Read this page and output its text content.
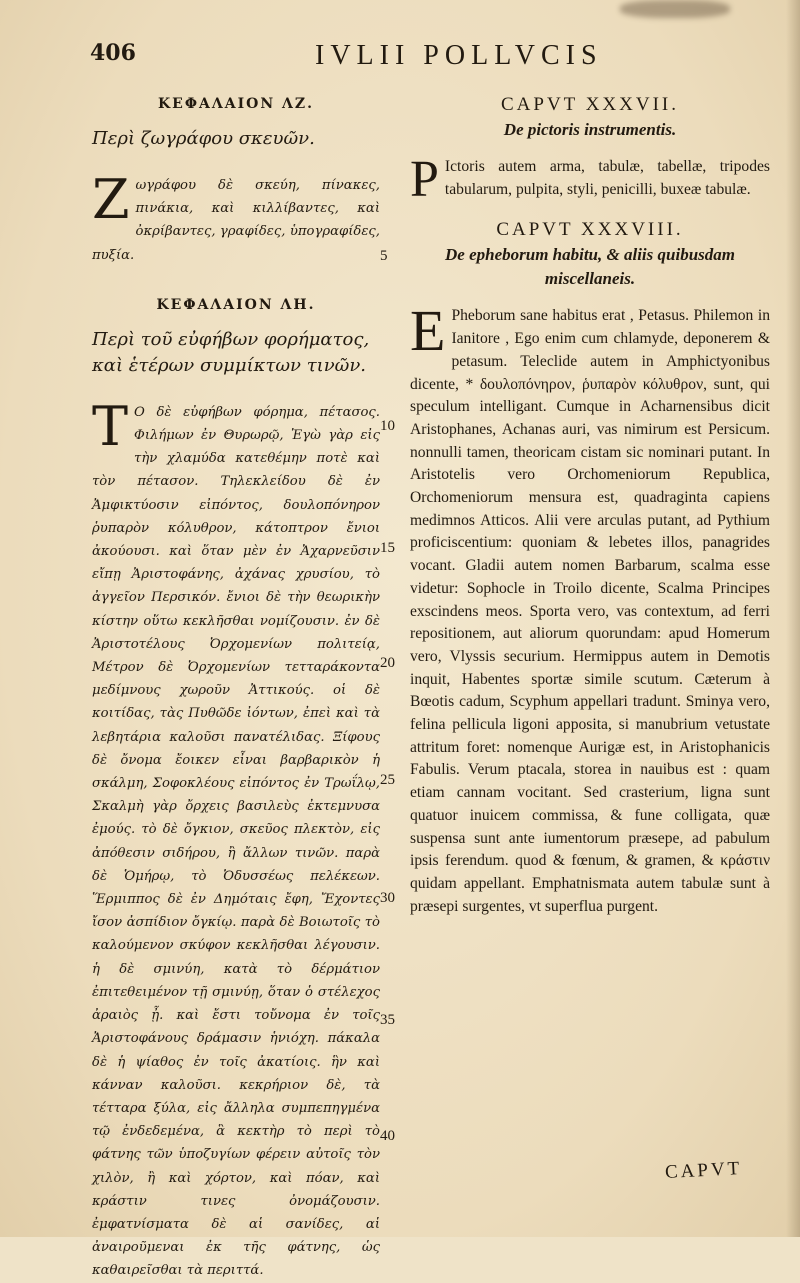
406	IVLII POLLVCIS
ΚΕΦΑΛΑΙΟΝ ΛΖ.
Περὶ ζωγράφου σκευῶν.

Ζωγράφου δὲ σκεύη, πίνακες, πινάκια, καὶ κιλλίβαντες, καὶ ὀκρίβαντες, γραφίδες, ὑπογραφίδες, πυξία.

ΚΕΦΑΛΑΙΟΝ ΛΗ.
Περὶ τοῦ εὐφήβων φορήματος, καὶ ἑτέρων συμμίκτων τινῶν.

Τ Ο δὲ εὐφήβων φόρημα, πέτασος. Φιλήμων ἐν Θυρωρῷ, Ἐγὼ γὰρ εἰς τὴν χλαμύδα κατεθέμην ποτὲ καὶ τὸν πέτασον. Τηλεκλείδου δὲ ἐν Ἀμφικτύοσιν εἰπόντος, δουλοπόνηρον ῥυπαρὸν κόλυθρον, κάτοπτρον ἔνιοι ἀκούουσι. καὶ ὅταν μὲν ἐν Ἀχαρνεῦσιν εἴπῃ Ἀριστοφάνης, ἀχάνας χρυσίου, τὸ ἀγγεῖον Περσικόν. ἔνιοι δὲ τὴν θεωρικὴν κίστην οὕτω κεκλῆσθαι νομίζουσιν. ἐν δὲ Ἀριστοτέλους Ὀρχομενίων πολιτείᾳ, Μέτρον δὲ Ὀρχομενίων τετταράκοντα μεδίμνους χωροῦν Ἀττικούς. οἱ δὲ κοιτίδας, τὰς Πυθῶδε ἰόντων, ἐπεὶ καὶ τὰ λεβητάρια καλοῦσι πανατέλιδας. Ξίφους δὲ ὄνομα ἔοικεν εἶναι βαρβαρικὸν ἡ σκάλμη, Σοφοκλέους εἰπόντος ἐν Τρωΐλῳ, Σκαλμὴ γὰρ ὄρχεις βασιλεὺς ἐκτεμνυσα ἐμούς. τὸ δὲ ὄγκιον, σκεῦος πλεκτὸν, εἰς ἀπόθεσιν σιδήρου, ἢ ἄλλων τινῶν. παρὰ δὲ Ὁμήρῳ, τὸ Ὀδυσσέως πελέκεων. Ἕρμιππος δὲ ἐν Δημόταις ἔφη, Ἔχοντες ἴσον ἀσπίδιον ὄγκίῳ. παρὰ δὲ Βοιωτοῖς τὸ καλούμενον σκύφον κεκλῆσθαι λέγουσιν. ἡ δὲ σμινύη, κατὰ τὸ δέρμάτιον ἐπιτεθειμένον τῇ σμινύῃ, ὅταν ὁ στέλεχος ἀραιὸς ᾖ. καὶ ἔστι τοὔνομα ἐν τοῖς Ἀριστοφάνους δράμασιν ἡνιόχη. πάκαλα δὲ ἡ ψίαθος ἐν τοῖς ἀκατίοις. ἣν καὶ κάνναν καλοῦσι. κεκρήριον δὲ, τὰ τέτταρα ξύλα, εἰς ἄλληλα συμπεπηγμένα τῷ ἐνδεδεμένα, ἃ κεκτὴρ τὸ περὶ τὸ φάτνης τῶν ὑποζυγίων φέρειν αὐτοῖς τὸν χιλὸν, ἢ καὶ χόρτον, καὶ πόαν, καὶ κράστιν τινες ὀνομάζουσιν. ἐμφατνίσματα δὲ αἱ σανίδες, αἱ ἀναιροῦμεναι ἐκ τῆς φάτνης, ὡς καθαιρεῖσθαι τὰ περιττά.

5
10
15
20
25
30
35
40
CAPVT XXXVII.
De pictoris instrumentis.

P Ictoris autem arma, tabulæ, tabellæ, tripodes tabularum, pulpita, styli, penicilli, buxeæ tabulæ.

CAPVT XXXVIII.
De epheborum habitu, & aliis quibusdam miscellaneis.

E Pheborum sane habitus erat , Petasus. Philemon in Ianitore , Ego enim cum chlamyde, deponerem & petasum. Teleclide autem in Amphictyonibus dicente, * δουλοπόνηρον, ῥυπαρὸν κόλυθρον, sunt, qui speculum intelligant. Cumque in Acharnensibus dicit Aristophanes, Achanas auri, vas nimirum est Persicum. nonnulli tamen, theoricam cistam sic nominari putant. In Aristotelis vero Orchomeniorum Republica, Orchomeniorum mensura est, quadraginta capiens medimnos Atticos. Alii vere arculas putant, ad Pythium proficiscentium: quoniam & lebetes illos, panagrides vocant. Gladii autem nomen Barbarum, scalma esse videtur: Sophocle in Troilo dicente, Scalma Principes exscindens meos. Sporta vero, vas contextum, ad ferri repositionem, aut aliorum quorundam: apud Homerum vero, Vlyssis securium. Hermippus autem in Demotis inquit, Habentes sportæ simile scutum. Cæterum à Bœotis cadum, Scyphum appellari tradunt. Sminya vero, felina pellicula ligoni apposita, si manubrium vetustate attritum foret: nomenque Aurigæ est, in Aristophanicis Fabulis. Verum ptacala, storea in nauibus est : quam etiam cannam vocitant. Sed crasterium, ligna sunt quatuor inuicem commissa, & fune colligata, quæ suspensa sunt ante iumentorum præsepe, ad pabulum ipsis ferendum. quod & fœnum, & gramen, & κράστιν quidam appellant. Emphatnismata autem tabulæ sunt à præsepi surgentes, vt superflua purgent.

CAPVT
